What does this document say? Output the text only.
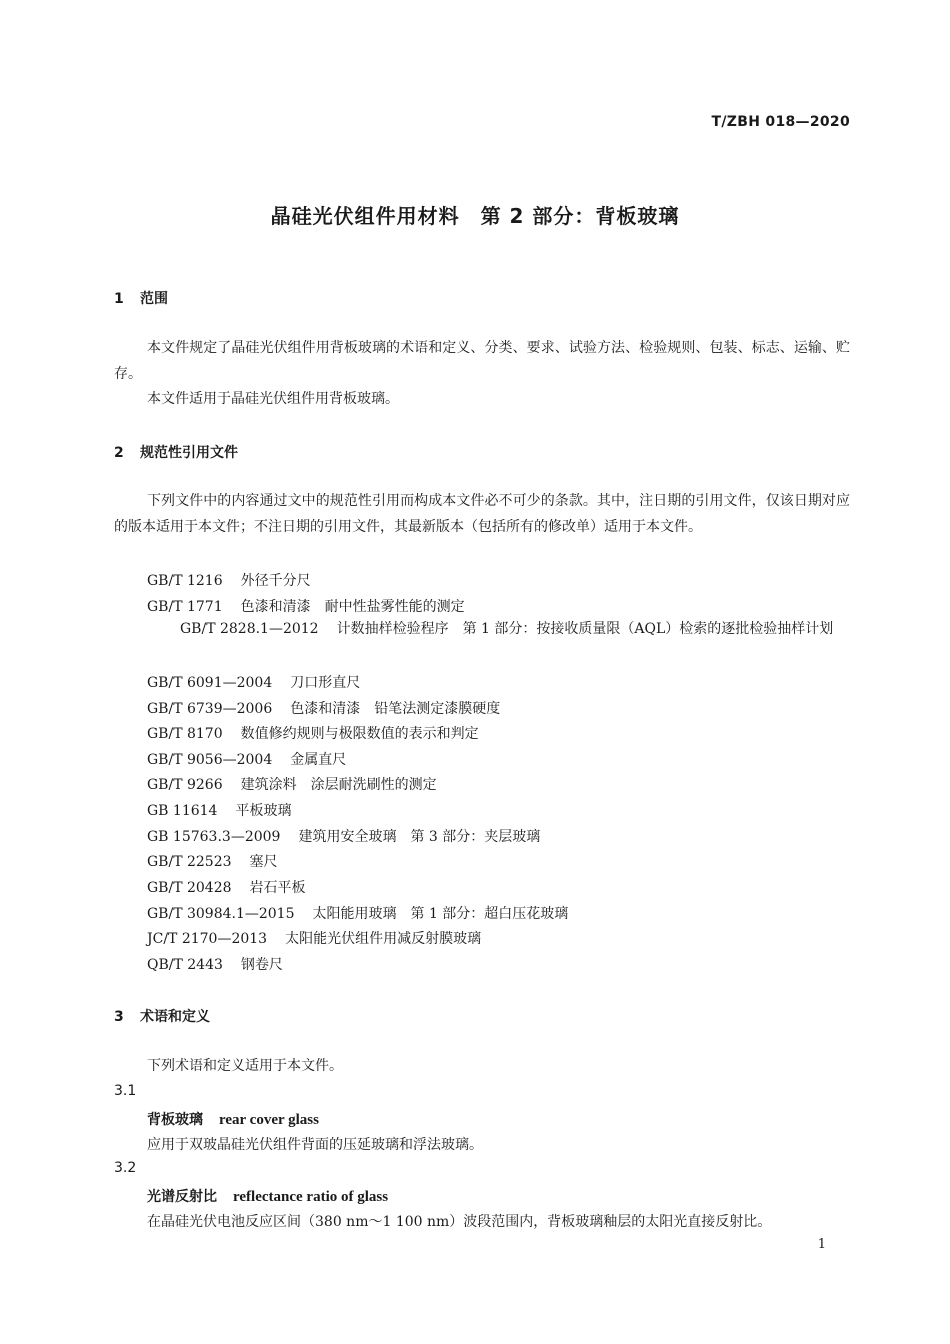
T/ZBH 018—2020
晶硅光伏组件用材料　第 2 部分：背板玻璃
1 范围
本文件规定了晶硅光伏组件用背板玻璃的术语和定义、分类、要求、试验方法、检验规则、包装、标志、运输、贮存。
本文件适用于晶硅光伏组件用背板玻璃。
2 规范性引用文件
下列文件中的内容通过文中的规范性引用而构成本文件必不可少的条款。其中，注日期的引用文件，仅该日期对应的版本适用于本文件；不注日期的引用文件，其最新版本（包括所有的修改单）适用于本文件。
GB/T 1216 外径千分尺
GB/T 1771 色漆和清漆　耐中性盐雾性能的测定
GB/T 2828.1—2012 计数抽样检验程序　第 1 部分：按接收质量限（AQL）检索的逐批检验抽样计划
GB/T 6091—2004 刀口形直尺
GB/T 6739—2006 色漆和清漆　铅笔法测定漆膜硬度
GB/T 8170 数值修约规则与极限数值的表示和判定
GB/T 9056—2004 金属直尺
GB/T 9266 建筑涂料　涂层耐洗刷性的测定
GB 11614 平板玻璃
GB 15763.3—2009 建筑用安全玻璃　第 3 部分：夹层玻璃
GB/T 22523 塞尺
GB/T 20428 岩石平板
GB/T 30984.1—2015 太阳能用玻璃　第 1 部分：超白压花玻璃
JC/T 2170—2013 太阳能光伏组件用减反射膜玻璃
QB/T 2443 钢卷尺
3 术语和定义
下列术语和定义适用于本文件。
3.1
背板玻璃 rear cover glass
应用于双玻晶硅光伏组件背面的压延玻璃和浮法玻璃。
3.2
光谱反射比 reflectance ratio of glass
在晶硅光伏电池反应区间（380 nm～1 100 nm）波段范围内，背板玻璃釉层的太阳光直接反射比。
1
